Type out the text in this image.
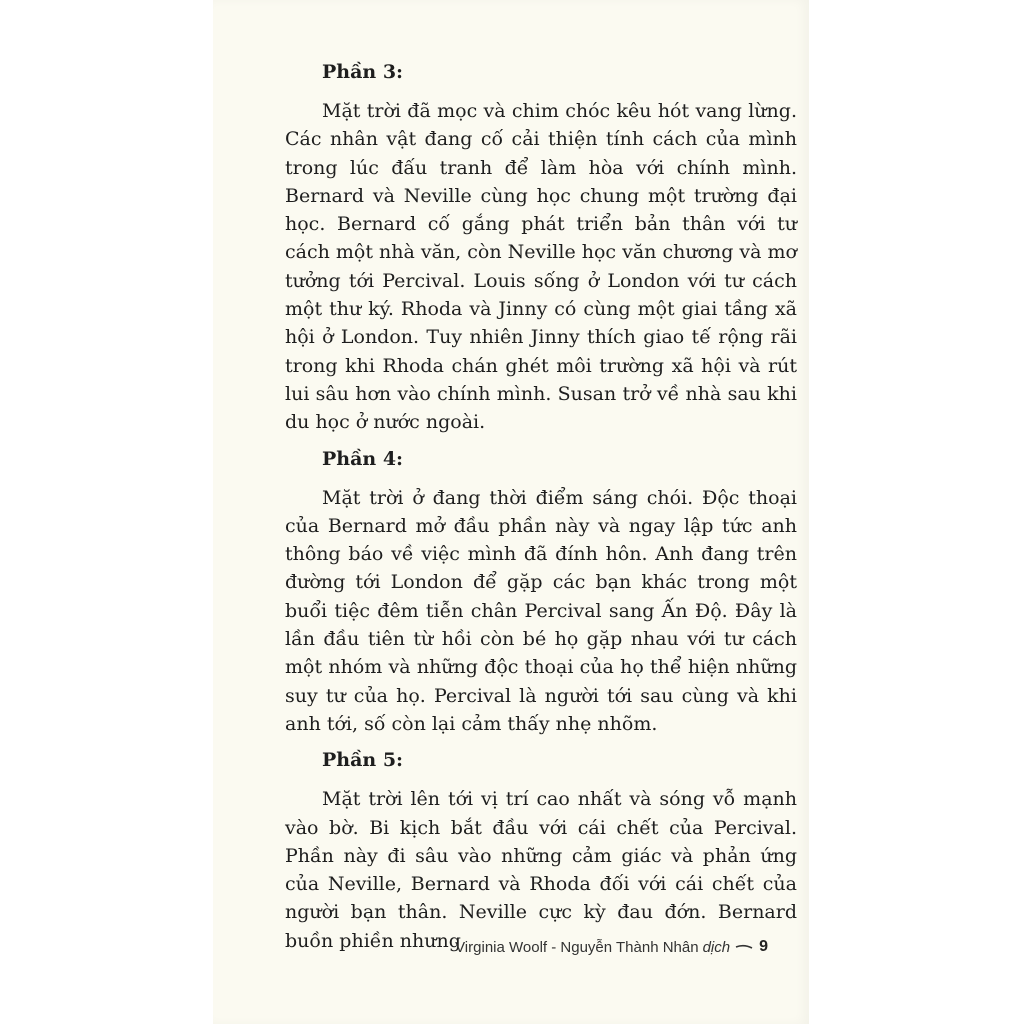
Phần 3:

Mặt trời đã mọc và chim chóc kêu hót vang lừng. Các nhân vật đang cố cải thiện tính cách của mình trong lúc đấu tranh để làm hòa với chính mình. Bernard và Neville cùng học chung một trường đại học. Bernard cố gắng phát triển bản thân với tư cách một nhà văn, còn Neville học văn chương và mơ tưởng tới Percival. Louis sống ở London với tư cách một thư ký. Rhoda và Jinny có cùng một giai tầng xã hội ở London. Tuy nhiên Jinny thích giao tế rộng rãi trong khi Rhoda chán ghét môi trường xã hội và rút lui sâu hơn vào chính mình. Susan trở về nhà sau khi du học ở nước ngoài.

Phần 4:

Mặt trời ở đang thời điểm sáng chói. Độc thoại của Bernard mở đầu phần này và ngay lập tức anh thông báo về việc mình đã đính hôn. Anh đang trên đường tới London để gặp các bạn khác trong một buổi tiệc đêm tiễn chân Percival sang Ấn Độ. Đây là lần đầu tiên từ hồi còn bé họ gặp nhau với tư cách một nhóm và những độc thoại của họ thể hiện những suy tư của họ. Percival là người tới sau cùng và khi anh tới, số còn lại cảm thấy nhẹ nhõm.

Phần 5:

Mặt trời lên tới vị trí cao nhất và sóng vỗ mạnh vào bờ. Bi kịch bắt đầu với cái chết của Percival. Phần này đi sâu vào những cảm giác và phản ứng của Neville, Bernard và Rhoda đối với cái chết của người bạn thân. Neville cực kỳ đau đớn. Bernard buồn phiền nhưng

Virginia Woolf - Nguyễn Thành Nhân dịch 9
